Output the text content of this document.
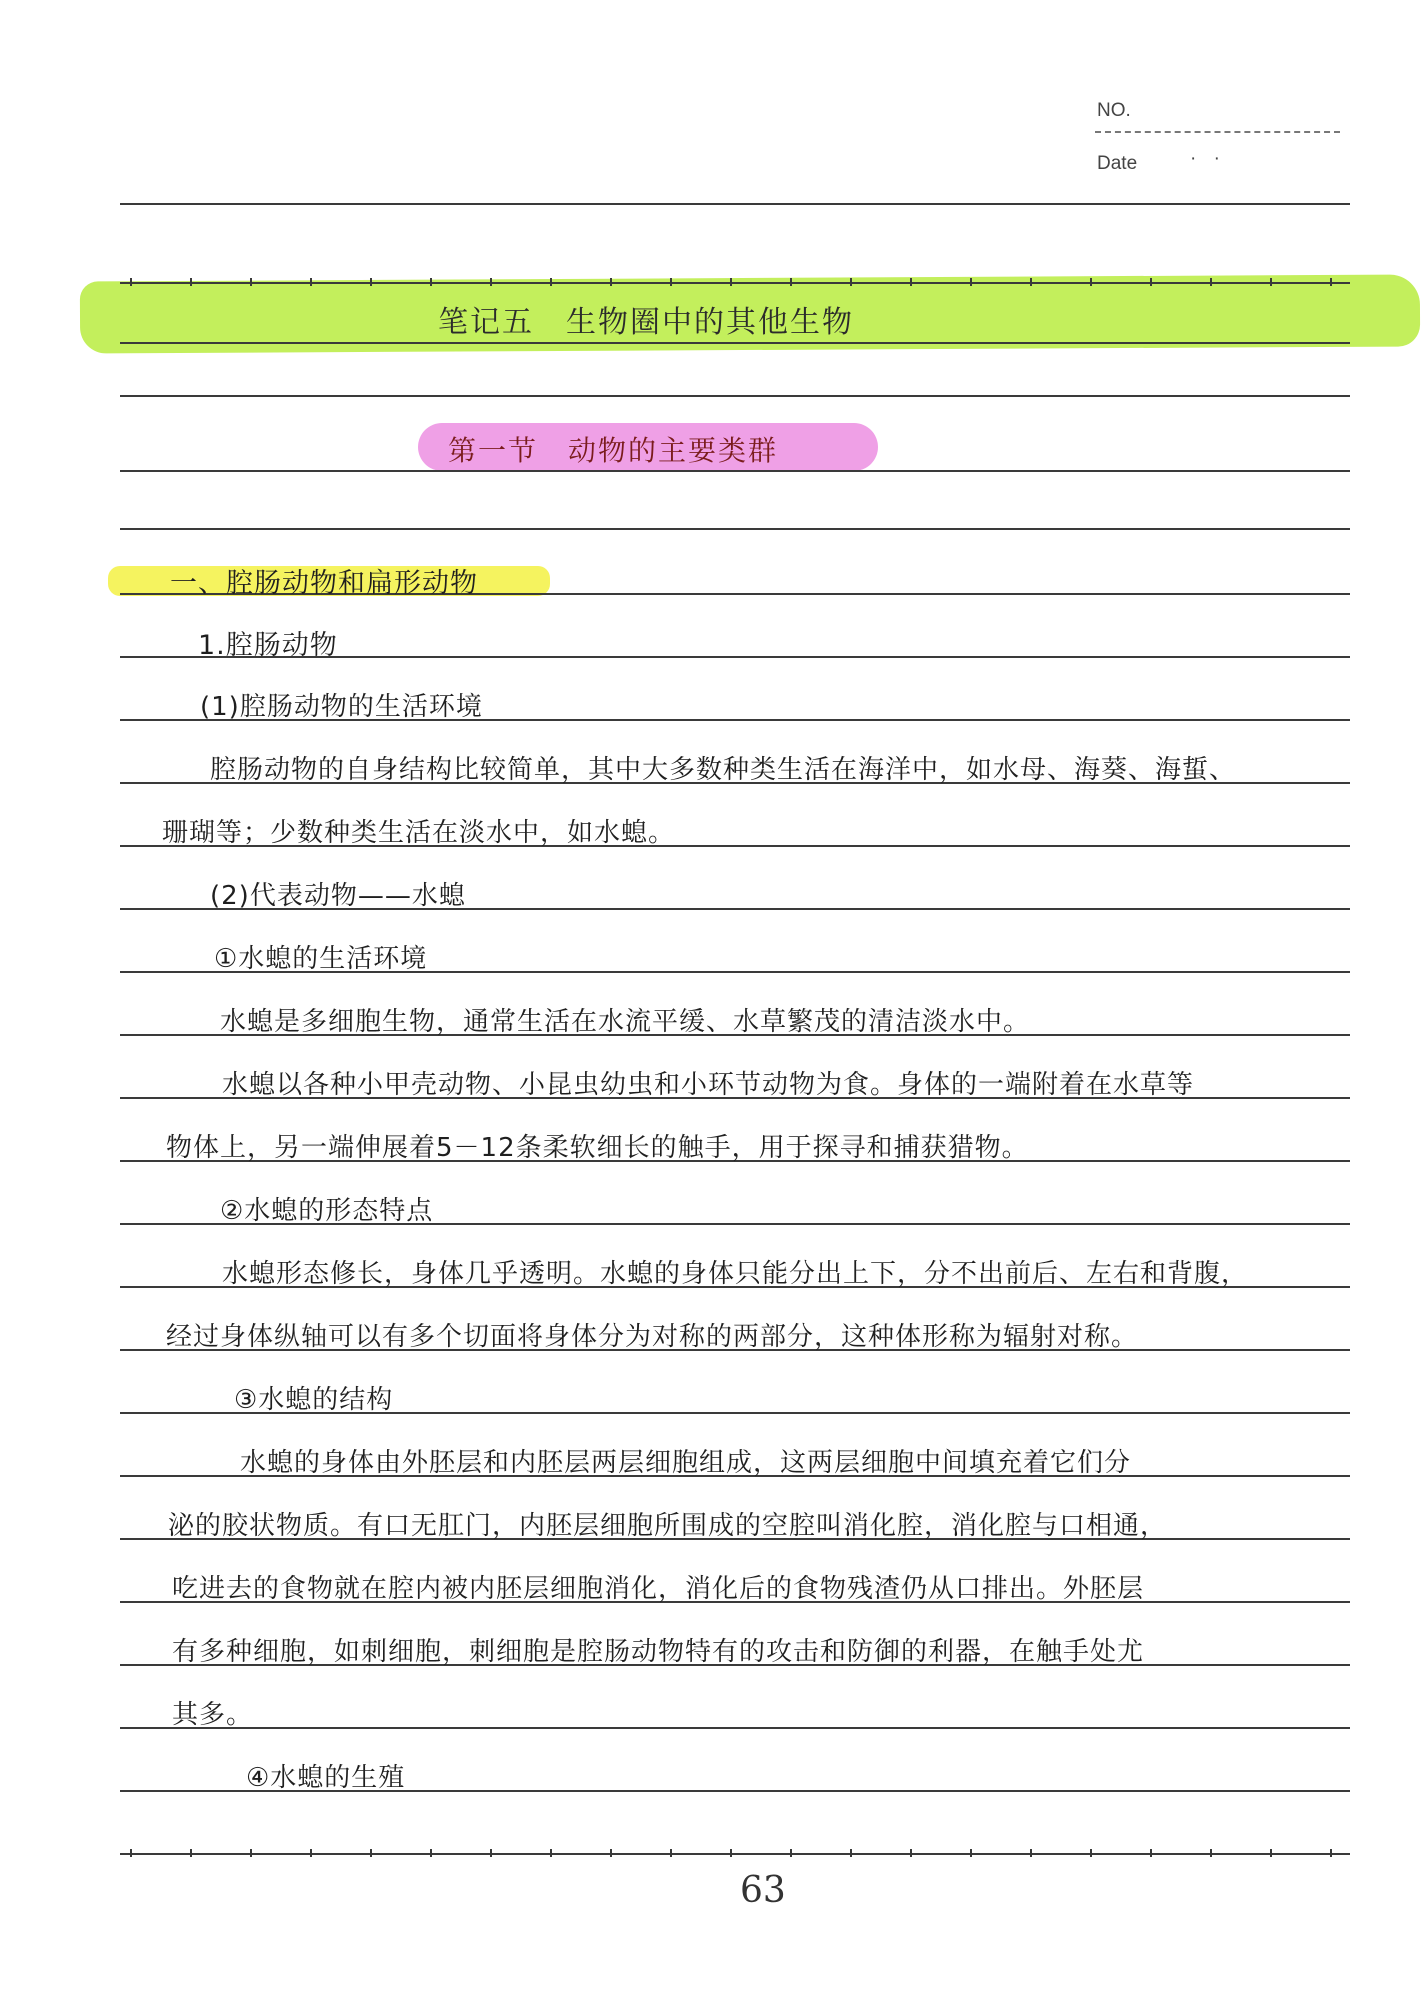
NO.
Date	· ·
笔记五　生物圈中的其他生物
第一节　动物的主要类群
一、腔肠动物和扁形动物
1.腔肠动物
(1)腔肠动物的生活环境
腔肠动物的自身结构比较简单，其中大多数种类生活在海洋中，如水母、海葵、海蜇、
珊瑚等；少数种类生活在淡水中，如水螅。
(2)代表动物——水螅
①水螅的生活环境
水螅是多细胞生物，通常生活在水流平缓、水草繁茂的清洁淡水中。
水螅以各种小甲壳动物、小昆虫幼虫和小环节动物为食。身体的一端附着在水草等
物体上，另一端伸展着5－12条柔软细长的触手，用于探寻和捕获猎物。
②水螅的形态特点
水螅形态修长，身体几乎透明。水螅的身体只能分出上下，分不出前后、左右和背腹，
经过身体纵轴可以有多个切面将身体分为对称的两部分，这种体形称为辐射对称。
③水螅的结构
水螅的身体由外胚层和内胚层两层细胞组成，这两层细胞中间填充着它们分
泌的胶状物质。有口无肛门，内胚层细胞所围成的空腔叫消化腔，消化腔与口相通，
吃进去的食物就在腔内被内胚层细胞消化，消化后的食物残渣仍从口排出。外胚层
有多种细胞，如刺细胞，刺细胞是腔肠动物特有的攻击和防御的利器，在触手处尤
其多。
④水螅的生殖
63
